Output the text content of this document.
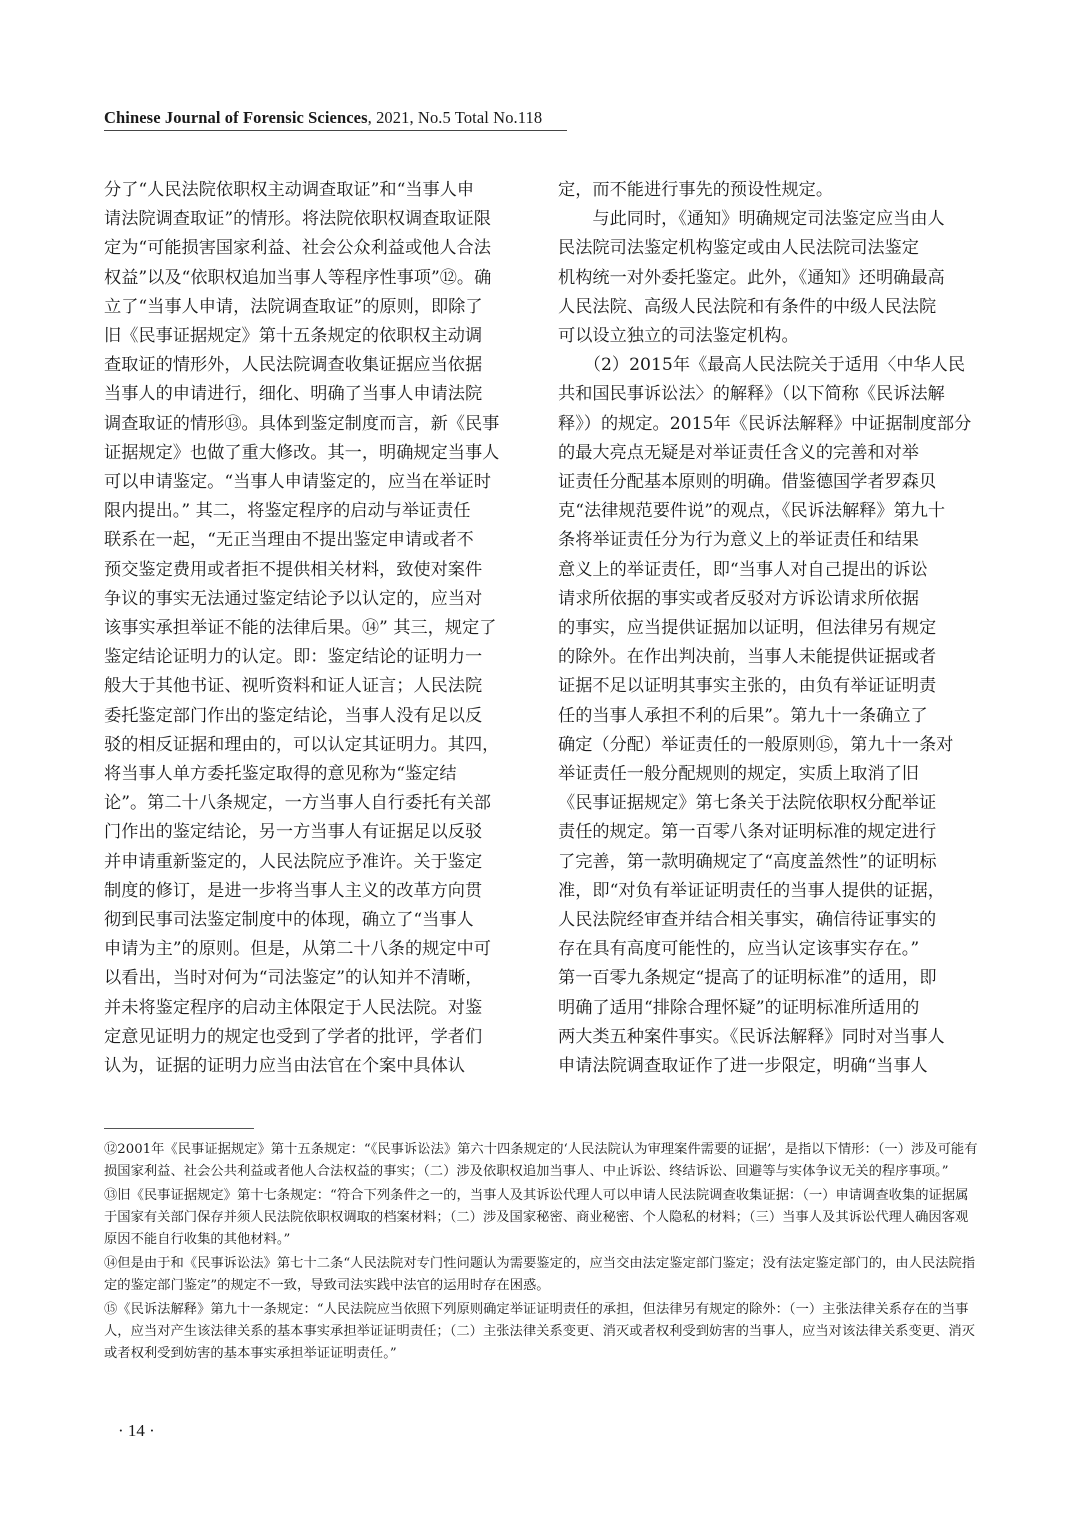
Chinese Journal of Forensic Sciences, 2021, No.5 Total No.118
分了“人民法院依职权主动调查取证”和“当事人申
请法院调查取证”的情形。将法院依职权调查取证限
定为“可能损害国家利益、社会公众利益或他人合法
权益”以及“依职权追加当事人等程序性事项”⑫。确
立了“当事人申请，法院调查取证”的原则，即除了
旧《民事证据规定》第十五条规定的依职权主动调
查取证的情形外，人民法院调查收集证据应当依据
当事人的申请进行，细化、明确了当事人申请法院
调查取证的情形⑬。具体到鉴定制度而言，新《民事
证据规定》也做了重大修改。其一，明确规定当事人
可以申请鉴定。“当事人申请鉴定的，应当在举证时
限内提出。” 其二，将鉴定程序的启动与举证责任
联系在一起，“无正当理由不提出鉴定申请或者不
预交鉴定费用或者拒不提供相关材料，致使对案件
争议的事实无法通过鉴定结论予以认定的，应当对
该事实承担举证不能的法律后果。⑭” 其三，规定了
鉴定结论证明力的认定。即：鉴定结论的证明力一
般大于其他书证、视听资料和证人证言；人民法院
委托鉴定部门作出的鉴定结论，当事人没有足以反
驳的相反证据和理由的，可以认定其证明力。其四，
将当事人单方委托鉴定取得的意见称为“鉴定结
论”。第二十八条规定，一方当事人自行委托有关部
门作出的鉴定结论，另一方当事人有证据足以反驳
并申请重新鉴定的，人民法院应予准许。关于鉴定
制度的修订，是进一步将当事人主义的改革方向贯
彻到民事司法鉴定制度中的体现，确立了“当事人
申请为主”的原则。但是，从第二十八条的规定中可
以看出，当时对何为“司法鉴定”的认知并不清晰，
并未将鉴定程序的启动主体限定于人民法院。对鉴
定意见证明力的规定也受到了学者的批评，学者们
认为，证据的证明力应当由法官在个案中具体认
定，而不能进行事先的预设性规定。
　　与此同时，《通知》明确规定司法鉴定应当由人
民法院司法鉴定机构鉴定或由人民法院司法鉴定
机构统一对外委托鉴定。此外，《通知》还明确最高
人民法院、高级人民法院和有条件的中级人民法院
可以设立独立的司法鉴定机构。
　　（2）2015年《最高人民法院关于适用〈中华人民
共和国民事诉讼法〉的解释》（以下简称《民诉法解
释》）的规定。2015年《民诉法解释》中证据制度部分
的最大亮点无疑是对举证责任含义的完善和对举
证责任分配基本原则的明确。借鉴德国学者罗森贝
克“法律规范要件说”的观点，《民诉法解释》第九十
条将举证责任分为行为意义上的举证责任和结果
意义上的举证责任，即“当事人对自己提出的诉讼
请求所依据的事实或者反驳对方诉讼请求所依据
的事实，应当提供证据加以证明，但法律另有规定
的除外。在作出判决前，当事人未能提供证据或者
证据不足以证明其事实主张的，由负有举证证明责
任的当事人承担不利的后果”。第九十一条确立了
确定（分配）举证责任的一般原则⑮，第九十一条对
举证责任一般分配规则的规定，实质上取消了旧
《民事证据规定》第七条关于法院依职权分配举证
责任的规定。第一百零八条对证明标准的规定进行
了完善，第一款明确规定了“高度盖然性”的证明标
准，即“对负有举证证明责任的当事人提供的证据，
人民法院经审查并结合相关事实，确信待证事实的
存在具有高度可能性的，应当认定该事实存在。”
第一百零九条规定“提高了的证明标准”的适用，即
明确了适用“排除合理怀疑”的证明标准所适用的
两大类五种案件事实。《民诉法解释》同时对当事人
申请法院调查取证作了进一步限定，明确“当事人
⑫2001年《民事证据规定》第十五条规定：“《民事诉讼法》第六十四条规定的‘人民法院认为审理案件需要的证据’，是指以下情形：（一）涉及可能有损国家利益、社会公共利益或者他人合法权益的事实；（二）涉及依职权追加当事人、中止诉讼、终结诉讼、回避等与实体争议无关的程序事项。”
⑬旧《民事证据规定》第十七条规定：“符合下列条件之一的，当事人及其诉讼代理人可以申请人民法院调查收集证据：（一）申请调查收集的证据属于国家有关部门保存并须人民法院依职权调取的档案材料；（二）涉及国家秘密、商业秘密、个人隐私的材料；（三）当事人及其诉讼代理人确因客观原因不能自行收集的其他材料。”
⑭但是由于和《民事诉讼法》第七十二条“人民法院对专门性问题认为需要鉴定的，应当交由法定鉴定部门鉴定；没有法定鉴定部门的，由人民法院指定的鉴定部门鉴定”的规定不一致，导致司法实践中法官的运用时存在困惑。
⑮《民诉法解释》第九十一条规定：“人民法院应当依照下列原则确定举证证明责任的承担，但法律另有规定的除外：（一）主张法律关系存在的当事人，应当对产生该法律关系的基本事实承担举证证明责任；（二）主张法律关系变更、消灭或者权利受到妨害的当事人，应当对该法律关系变更、消灭或者权利受到妨害的基本事实承担举证证明责任。”
· 14 ·
